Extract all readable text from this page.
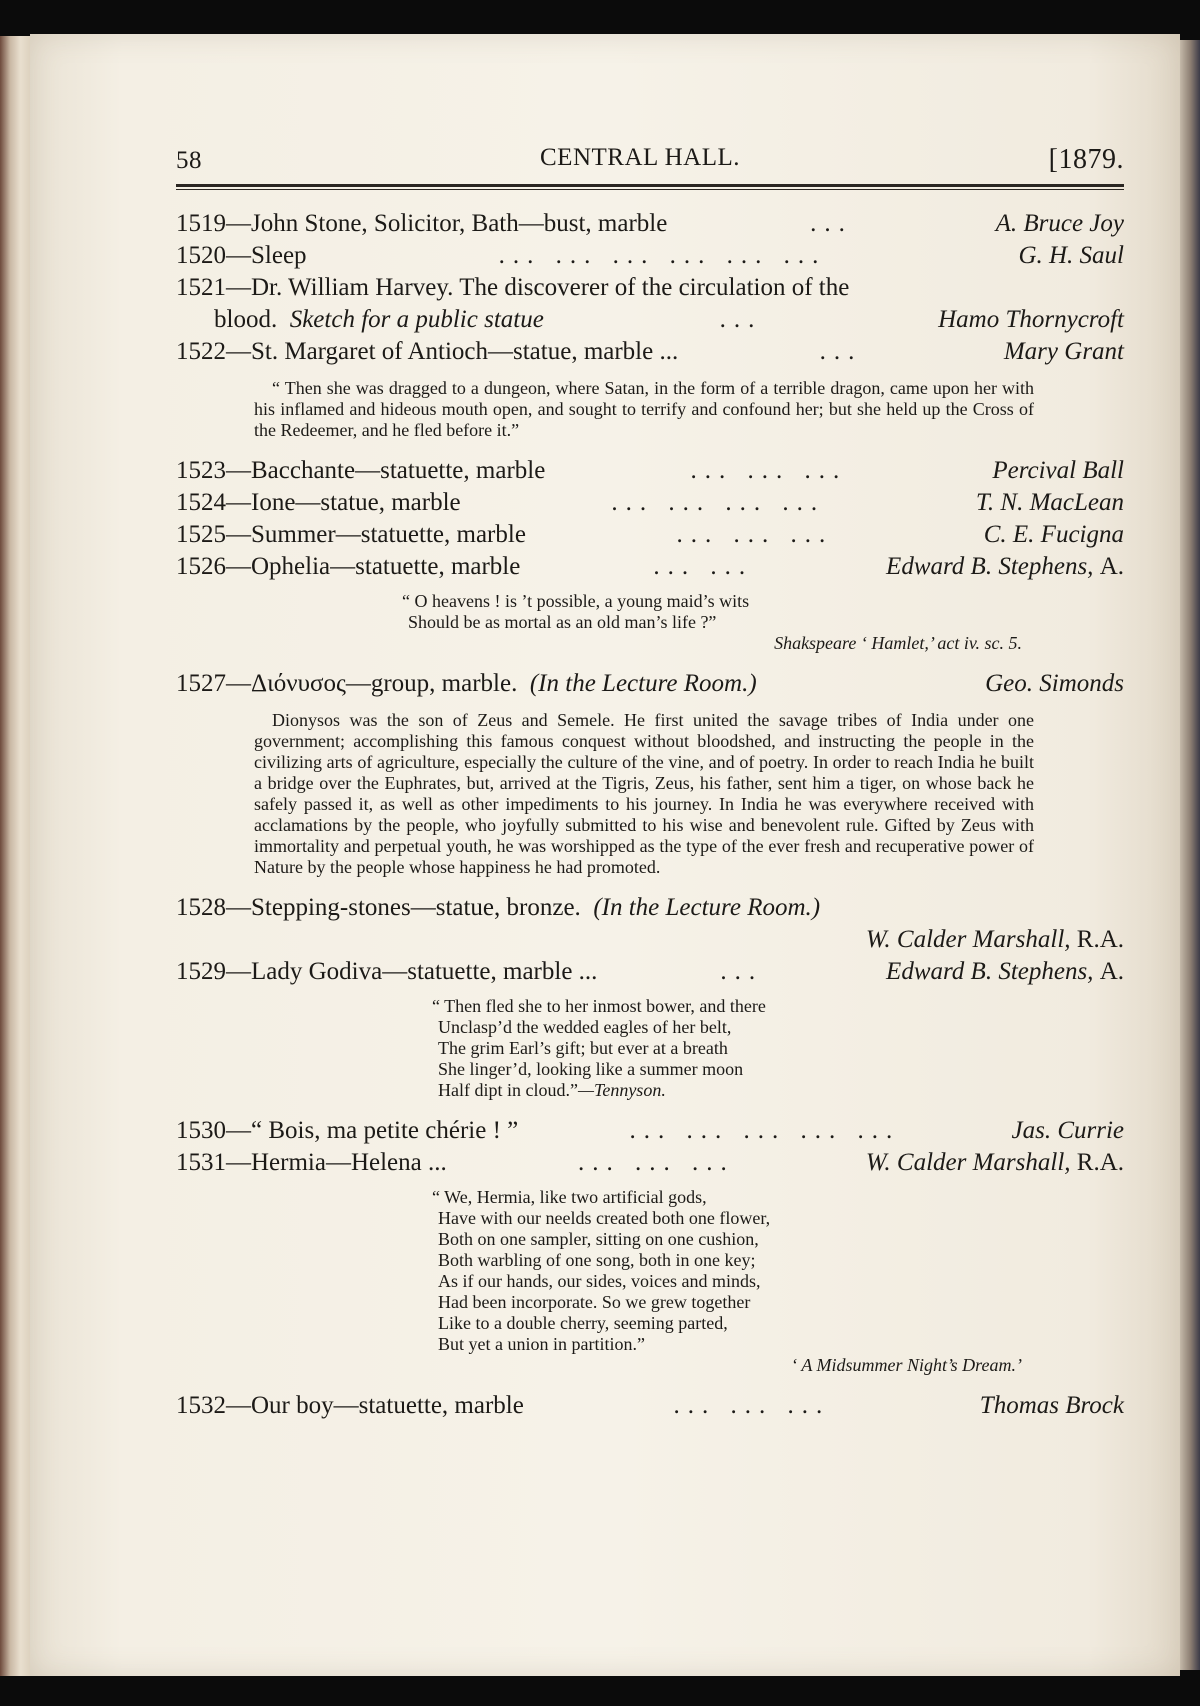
58	CENTRAL HALL.	[1879.
1519—John Stone, Solicitor, Bath—bust, marble	...	A. Bruce Joy
1520—Sleep	... ... ... ... ... ...	G. H. Saul
1521—Dr. William Harvey. The discoverer of the circulation of the
blood. Sketch for a public statue	...	Hamo Thornycroft
1522—St. Margaret of Antioch—statue, marble ...	...	Mary Grant
“ Then she was dragged to a dungeon, where Satan, in the form of a terrible dragon, came upon her with his inflamed and hideous mouth open, and sought to terrify and confound her; but she held up the Cross of the Redeemer, and he fled before it.”
1523—Bacchante—statuette, marble	... ... ...	Percival Ball
1524—Ione—statue, marble	... ... ... ...	T. N. MacLean
1525—Summer—statuette, marble	... ... ...	C. E. Fucigna
1526—Ophelia—statuette, marble	... ...	Edward B. Stephens, A.
“ O heavens ! is ’t possible, a young maid’s wits
Should be as mortal as an old man’s life ?”
Shakspeare ‘ Hamlet,’ act iv. sc. 5.
1527—Διόνυσος—group, marble. (In the Lecture Room.)	Geo. Simonds
Dionysos was the son of Zeus and Semele. He first united the savage tribes of India under one government; accomplishing this famous conquest without bloodshed, and instructing the people in the civilizing arts of agriculture, especially the culture of the vine, and of poetry. In order to reach India he built a bridge over the Euphrates, but, arrived at the Tigris, Zeus, his father, sent him a tiger, on whose back he safely passed it, as well as other impediments to his journey. In India he was everywhere received with acclamations by the people, who joyfully submitted to his wise and benevolent rule. Gifted by Zeus with immortality and perpetual youth, he was worshipped as the type of the ever fresh and recuperative power of Nature by the people whose happiness he had promoted.
1528—Stepping-stones—statue, bronze. (In the Lecture Room.)
W. Calder Marshall, R.A.
1529—Lady Godiva—statuette, marble ...	...	Edward B. Stephens, A.
“ Then fled she to her inmost bower, and there
Unclasp’d the wedded eagles of her belt,
The grim Earl’s gift; but ever at a breath
She linger’d, looking like a summer moon
Half dipt in cloud.”—Tennyson.
1530—“ Bois, ma petite chérie ! ”	... ... ... ... ...	Jas. Currie
1531—Hermia—Helena ...	... ... ...	W. Calder Marshall, R.A.
“ We, Hermia, like two artificial gods,
Have with our neelds created both one flower,
Both on one sampler, sitting on one cushion,
Both warbling of one song, both in one key;
As if our hands, our sides, voices and minds,
Had been incorporate. So we grew together
Like to a double cherry, seeming parted,
But yet a union in partition.”
‘ A Midsummer Night’s Dream.’
1532—Our boy—statuette, marble	... ... ...	Thomas Brock
